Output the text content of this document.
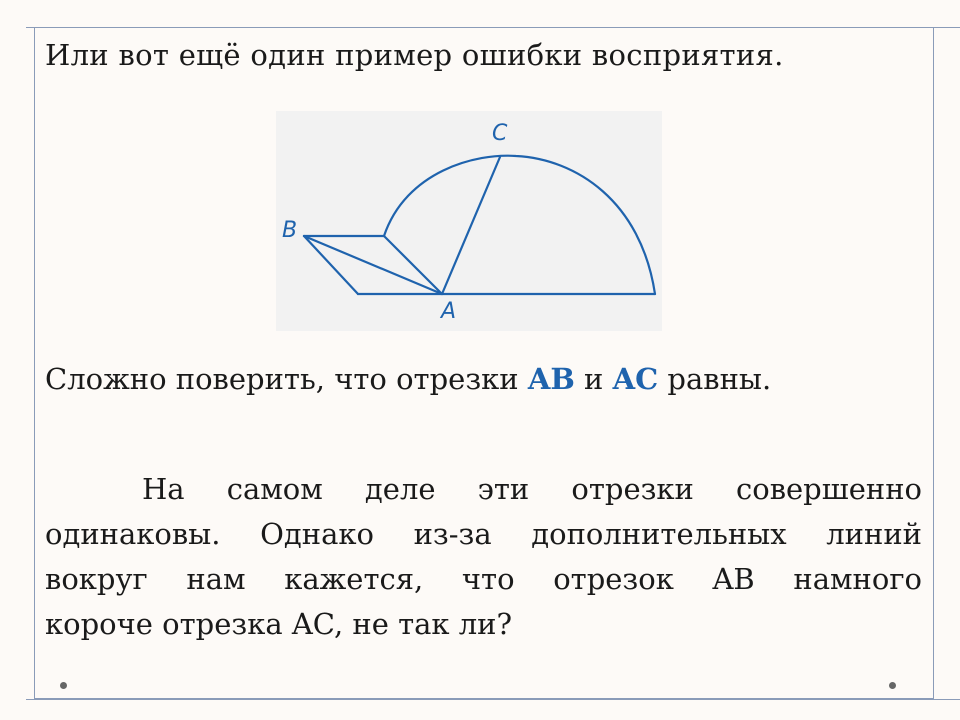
Или вот ещё один пример ошибки восприятия.
C
B
A
Сложно поверить, что отрезки AB и AC равны.
На самом деле эти отрезки совершенно
одинаковы. Однако из-за дополнительных линий
вокруг нам кажется, что отрезок AB намного
короче отрезка AC, не так ли?
